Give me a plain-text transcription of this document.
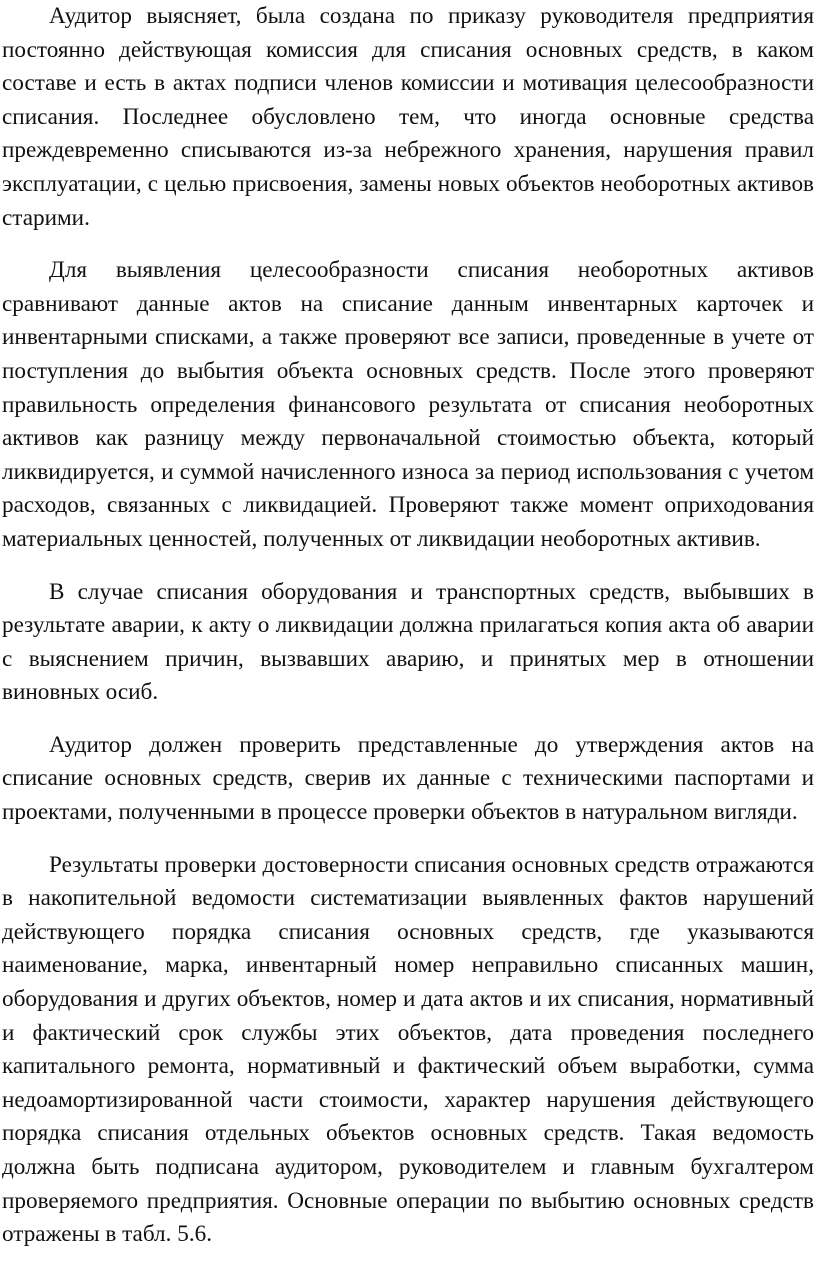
Аудитор выясняет, была создана по приказу руководителя предприятия постоянно действующая комиссия для списания основных средств, в каком составе и есть в актах подписи членов комиссии и мотивация целесообразности списания. Последнее обусловлено тем, что иногда основные средства преждевременно списываются из-за небрежного хранения, нарушения правил эксплуатации, с целью присвоения, замены новых объектов необоротных активов старими.

Для выявления целесообразности списания необоротных активов сравнивают данные актов на списание данным инвентарных карточек и инвентарными списками, а также проверяют все записи, проведенные в учете от поступления до выбытия объекта основных средств. После этого проверяют правильность определения финансового результата от списания необоротных активов как разницу между первоначальной стоимостью объекта, который ликвидируется, и суммой начисленного износа за период использования с учетом расходов, связанных с ликвидацией. Проверяют также момент оприходования материальных ценностей, полученных от ликвидации необоротных активив.

В случае списания оборудования и транспортных средств, выбывших в результате аварии, к акту о ликвидации должна прилагаться копия акта об аварии с выяснением причин, вызвавших аварию, и принятых мер в отношении виновных осиб.

Аудитор должен проверить представленные до утверждения актов на списание основных средств, сверив их данные с техническими паспортами и проектами, полученными в процессе проверки объектов в натуральном вигляди.

Результаты проверки достоверности списания основных средств отражаются в накопительной ведомости систематизации выявленных фактов нарушений действующего порядка списания основных средств, где указываются наименование, марка, инвентарный номер неправильно списанных машин, оборудования и других объектов, номер и дата актов и их списания, нормативный и фактический срок службы этих объектов, дата проведения последнего капитального ремонта, нормативный и фактический объем выработки, сумма недоамортизированной части стоимости, характер нарушения действующего порядка списания отдельных объектов основных средств. Такая ведомость должна быть подписана аудитором, руководителем и главным бухгалтером проверяемого предприятия. Основные операции по выбытию основных средств отражены в табл. 5.6.
